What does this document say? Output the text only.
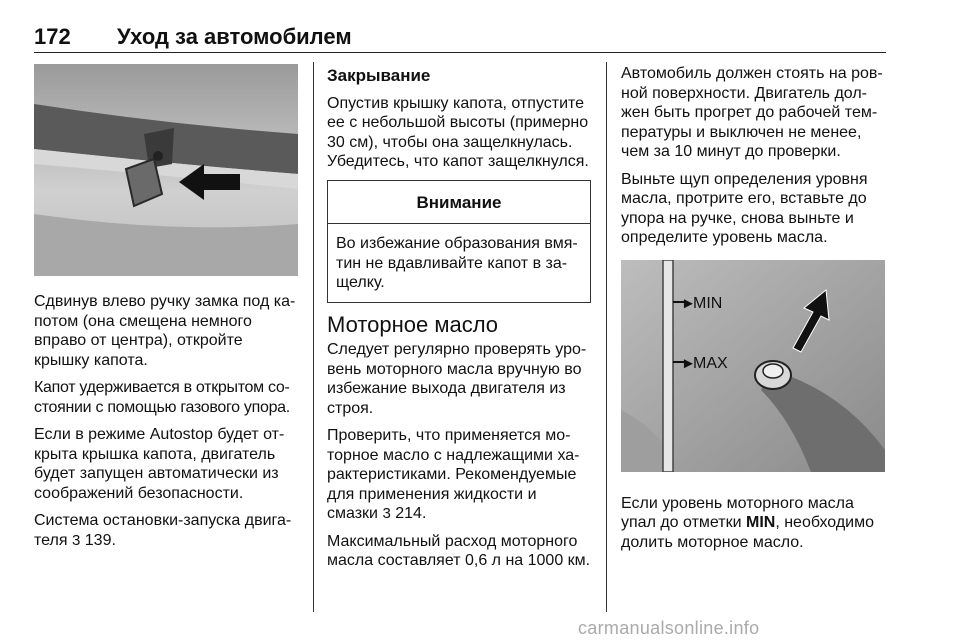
172 Уход за автомобилем

Сдвинув влево ручку замка под ка-потом (она смещена немного вправо от центра), откройте крышку капота.

Капот удерживается в открытом со-стоянии с помощью газового упора.

Если в режиме Autostop будет от-крыта крышка капота, двигатель будет запущен автоматически из соображений безопасности.

Система остановки-запуска двига-теля 3 139.

Закрывание

Опустив крышку капота, отпустите ее с небольшой высоты (примерно 30 см), чтобы она защелкнулась. Убедитесь, что капот защелкнулся.

Внимание
Во избежание образования вмя-тин не вдавливайте капот в за-щелку.
Моторное масло

Следует регулярно проверять уро-вень моторного масла вручную во избежание выхода двигателя из строя.

Проверить, что применяется мо-торное масло с надлежащими ха-рактеристиками. Рекомендуемые для применения жидкости и смазки 3 214.

Максимальный расход моторного масла составляет 0,6 л на 1000 км.

Автомобиль должен стоять на ров-ной поверхности. Двигатель дол-жен быть прогрет до рабочей тем-пературы и выключен не менее, чем за 10 минут до проверки.

Выньте щуп определения уровня масла, протрите его, вставьте до упора на ручке, снова выньте и определите уровень масла.

►
►
MIN
MAX

Если уровень моторного масла упал до отметки MIN, необходимо долить моторное масло.

carmanualsonline.info
